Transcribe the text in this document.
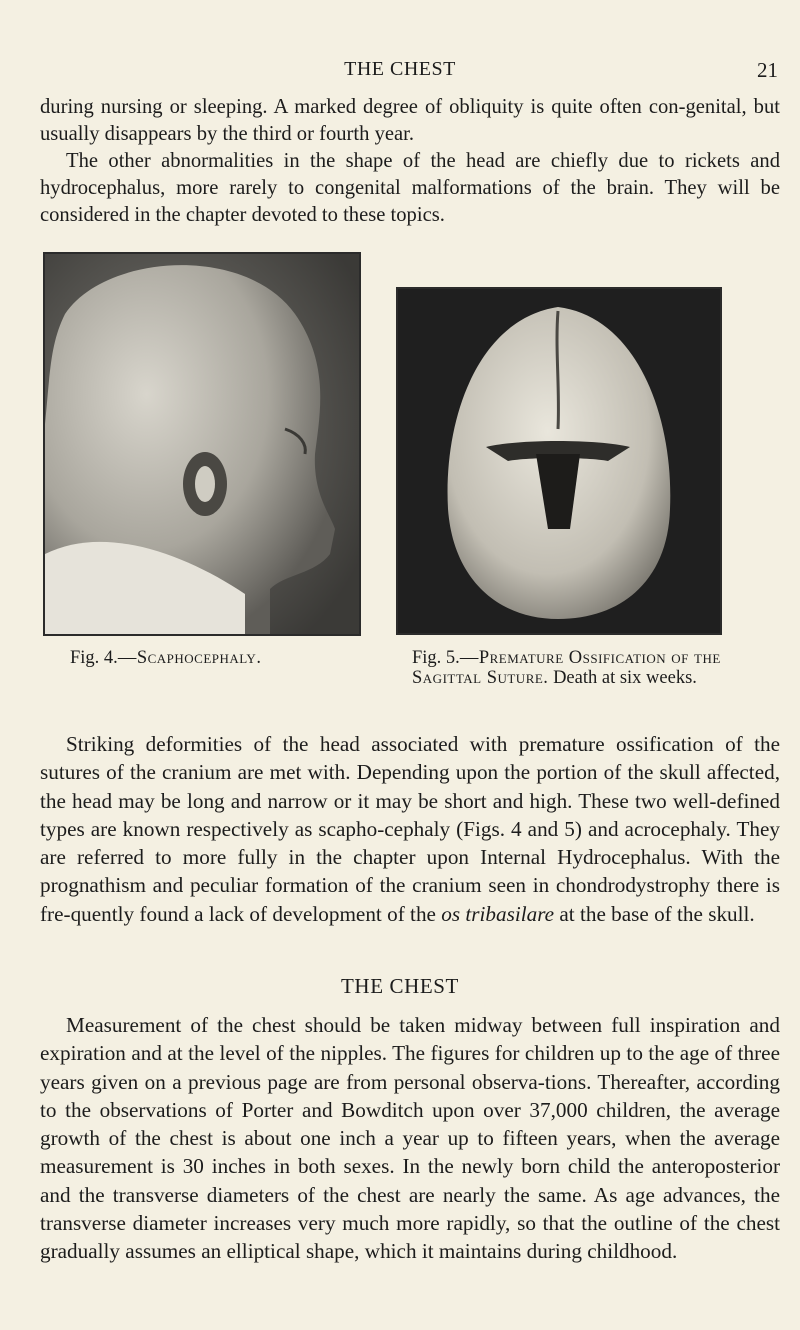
THE CHEST	21

during nursing or sleeping. A marked degree of obliquity is quite often con-genital, but usually disappears by the third or fourth year.

The other abnormalities in the shape of the head are chiefly due to rickets and hydrocephalus, more rarely to congenital malformations of the brain. They will be considered in the chapter devoted to these topics.

Fig. 4.—Scaphocephaly.	Fig. 5.—Premature Ossification of the Sagittal Suture. Death at six weeks.

Striking deformities of the head associated with premature ossification of the sutures of the cranium are met with. Depending upon the portion of the skull affected, the head may be long and narrow or it may be short and high. These two well-defined types are known respectively as scapho-cephaly (Figs. 4 and 5) and acrocephaly. They are referred to more fully in the chapter upon Internal Hydrocephalus. With the prognathism and peculiar formation of the cranium seen in chondrodystrophy there is fre-quently found a lack of development of the os tribasilare at the base of the skull.

THE CHEST

Measurement of the chest should be taken midway between full inspiration and expiration and at the level of the nipples. The figures for children up to the age of three years given on a previous page are from personal observa-tions. Thereafter, according to the observations of Porter and Bowditch upon over 37,000 children, the average growth of the chest is about one inch a year up to fifteen years, when the average measurement is 30 inches in both sexes. In the newly born child the anteroposterior and the transverse diameters of the chest are nearly the same. As age advances, the transverse diameter increases very much more rapidly, so that the outline of the chest gradually assumes an elliptical shape, which it maintains during childhood.
